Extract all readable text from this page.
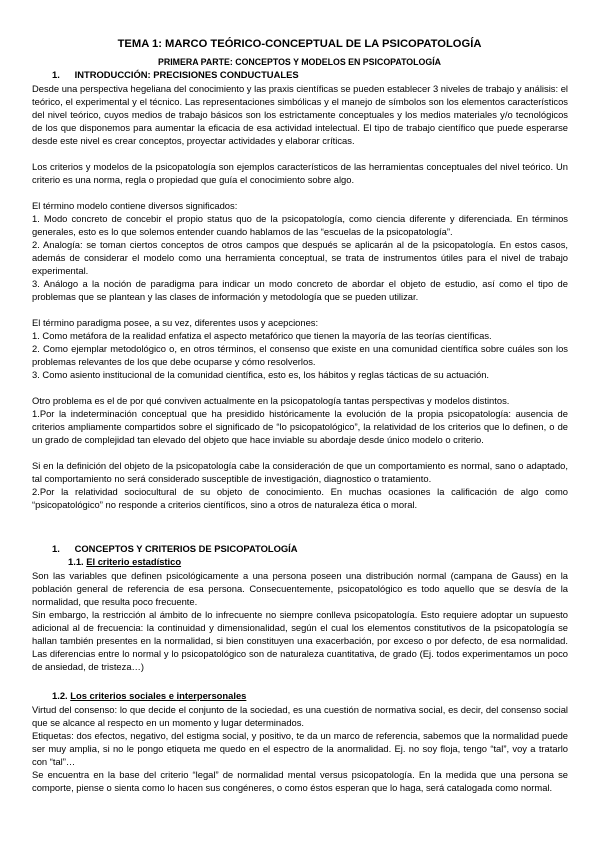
TEMA 1: MARCO TEÓRICO-CONCEPTUAL DE LA PSICOPATOLOGÍA
PRIMERA PARTE: CONCEPTOS Y MODELOS EN PSICOPATOLOGÍA
1. INTRODUCCIÓN: PRECISIONES CONDUCTUALES
Desde una perspectiva hegeliana del conocimiento y las praxis científicas se pueden establecer 3 niveles de trabajo y análisis: el teórico, el experimental y el técnico. Las representaciones simbólicas y el manejo de símbolos son los elementos característicos del nivel teórico, cuyos medios de trabajo básicos son los estrictamente conceptuales y los medios materiales y/o tecnológicos de los que disponemos para aumentar la eficacia de esa actividad intelectual. El tipo de trabajo científico que puede esperarse desde este nivel es crear conceptos, proyectar actividades y elaborar críticas.
Los criterios y modelos de la psicopatología son ejemplos característicos de las herramientas conceptuales del nivel teórico. Un criterio es una norma, regla o propiedad que guía el conocimiento sobre algo.
El término modelo contiene diversos significados:
1. Modo concreto de concebir el propio status quo de la psicopatología, como ciencia diferente y diferenciada. En términos generales, esto es lo que solemos entender cuando hablamos de las “escuelas de la psicopatología”.
2. Analogía: se toman ciertos conceptos de otros campos que después se aplicarán al de la psicopatología. En estos casos, además de considerar el modelo como una herramienta conceptual, se trata de instrumentos útiles para el nivel de trabajo experimental.
3. Análogo a la noción de paradigma para indicar un modo concreto de abordar el objeto de estudio, así como el tipo de problemas que se plantean y las clases de información y metodología que se pueden utilizar.
El término paradigma posee, a su vez, diferentes usos y acepciones:
1. Como metáfora de la realidad enfatiza el aspecto metafórico que tienen la mayoría de las teorías científicas.
2. Como ejemplar metodológico o, en otros términos, el consenso que existe en una comunidad científica sobre cuáles son los problemas relevantes de los que debe ocuparse y cómo resolverlos.
3. Como asiento institucional de la comunidad científica, esto es, los hábitos y reglas tácticas de su actuación.
Otro problema es el de por qué conviven actualmente en la psicopatología tantas perspectivas y modelos distintos.
1.Por la indeterminación conceptual que ha presidido históricamente la evolución de la propia psicopatología: ausencia de criterios ampliamente compartidos sobre el significado de “lo psicopatológico”, la relatividad de los criterios que lo definen, o de un grado de complejidad tan elevado del objeto que hace inviable su abordaje desde único modelo o criterio.
Si en la definición del objeto de la psicopatología cabe la consideración de que un comportamiento es normal, sano o adaptado, tal comportamiento no será considerado susceptible de investigación, diagnostico o tratamiento.
2.Por la relatividad sociocultural de su objeto de conocimiento. En muchas ocasiones la calificación de algo como “psicopatológico” no responde a criterios científicos, sino a otros de naturaleza ética o moral.
1. CONCEPTOS Y CRITERIOS DE PSICOPATOLOGÍA
1.1. El criterio estadístico
Son las variables que definen psicológicamente a una persona poseen una distribución normal (campana de Gauss) en la población general de referencia de esa persona. Consecuentemente, psicopatológico es todo aquello que se desvía de la normalidad, que resulta poco frecuente.
Sin embargo, la restricción al ámbito de lo infrecuente no siempre conlleva psicopatología. Esto requiere adoptar un supuesto adicional al de frecuencia: la continuidad y dimensionalidad, según el cual los elementos constitutivos de la psicopatología se hallan también presentes en la normalidad, si bien constituyen una exacerbación, por exceso o por defecto, de esa normalidad. Las diferencias entre lo normal y lo psicopatológico son de naturaleza cuantitativa, de grado (Ej. todos experimentamos un poco de ansiedad, de tristeza…)
1.2. Los criterios sociales e interpersonales
Virtud del consenso: lo que decide el conjunto de la sociedad, es una cuestión de normativa social, es decir, del consenso social que se alcance al respecto en un momento y lugar determinados.
Etiquetas: dos efectos, negativo, del estigma social, y positivo, te da un marco de referencia, sabemos que la normalidad puede ser muy amplia, si no le pongo etiqueta me quedo en el espectro de la anormalidad. Ej. no soy floja, tengo “tal”, voy a tratarlo con “tal”…
Se encuentra en la base del criterio “legal” de normalidad mental versus psicopatología. En la medida que una persona se comporte, piense o sienta como lo hacen sus congéneres, o como éstos esperan que lo haga, será catalogada como normal.
